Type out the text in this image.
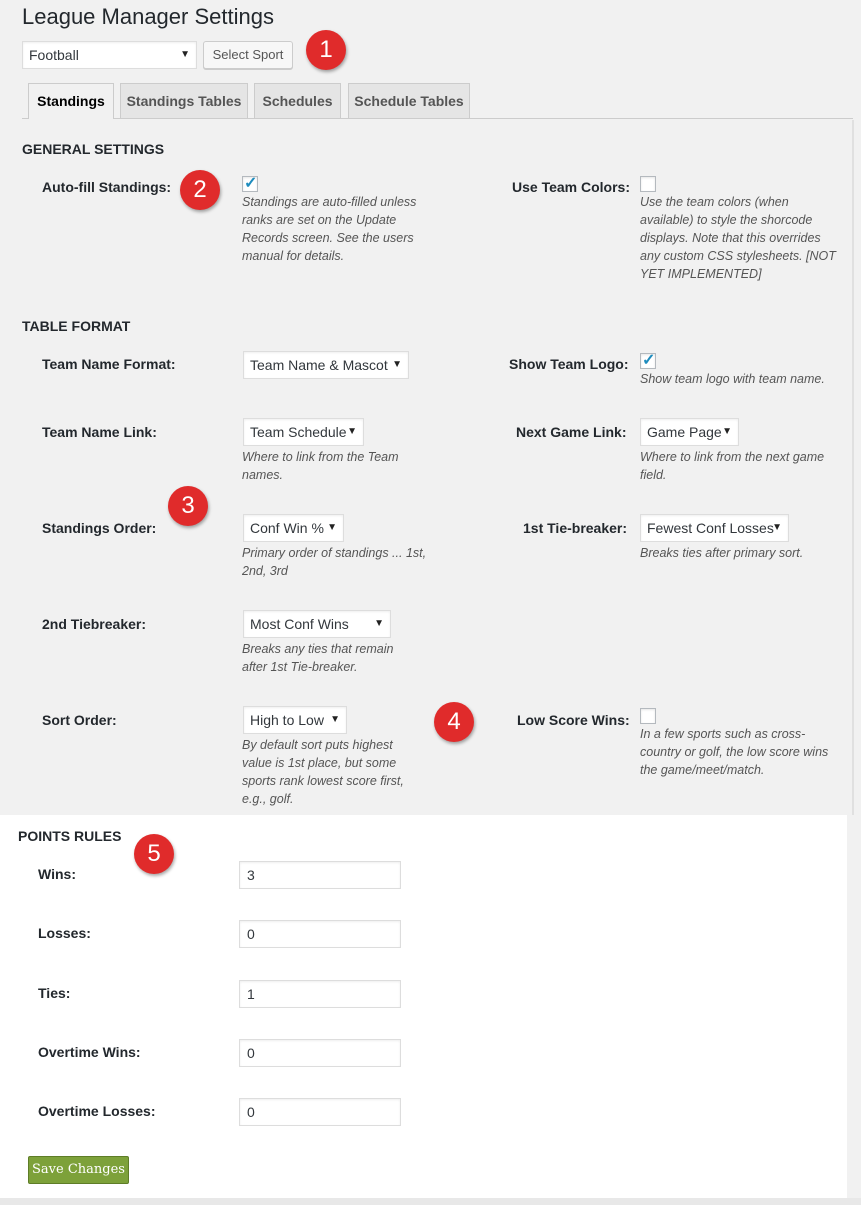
League Manager Settings
Football	▼	Select Sport	1
Standings	Standings Tables	Schedules	Schedule Tables
GENERAL SETTINGS
Auto-fill Standings: 2	✓
Standings are auto-filled unless ranks are set on the Update Records screen. See the users manual for details.
Use Team Colors:
Use the team colors (when available) to style the shorcode displays. Note that this overrides any custom CSS stylesheets. [NOT YET IMPLEMENTED]
TABLE FORMAT
Team Name Format:	Team Name & Mascot ▼	Show Team Logo: ✓
Show team logo with team name.
Team Name Link:	Team Schedule ▼
Where to link from the Team names.
Next Game Link:	Game Page ▼
Where to link from the next game field.
3
Standings Order:	Conf Win % ▼
Primary order of standings ... 1st, 2nd, 3rd
1st Tie-breaker:	Fewest Conf Losses
▼
Breaks ties after primary sort.
2nd Tiebreaker:	Most Conf Wins	▼
Breaks any ties that remain after 1st Tie-breaker.
Sort Order:	High to Low ▼
By default sort puts highest value is 1st place, but some sports rank lowest score first, e.g., golf.
4	Low Score Wins:
In a few sports such as cross-country or golf, the low score wins the game/meet/match.
POINTS RULES
5
Wins:	3
Losses:	0
Ties:	1
Overtime Wins:	0
Overtime Losses:	0
Save Changes
